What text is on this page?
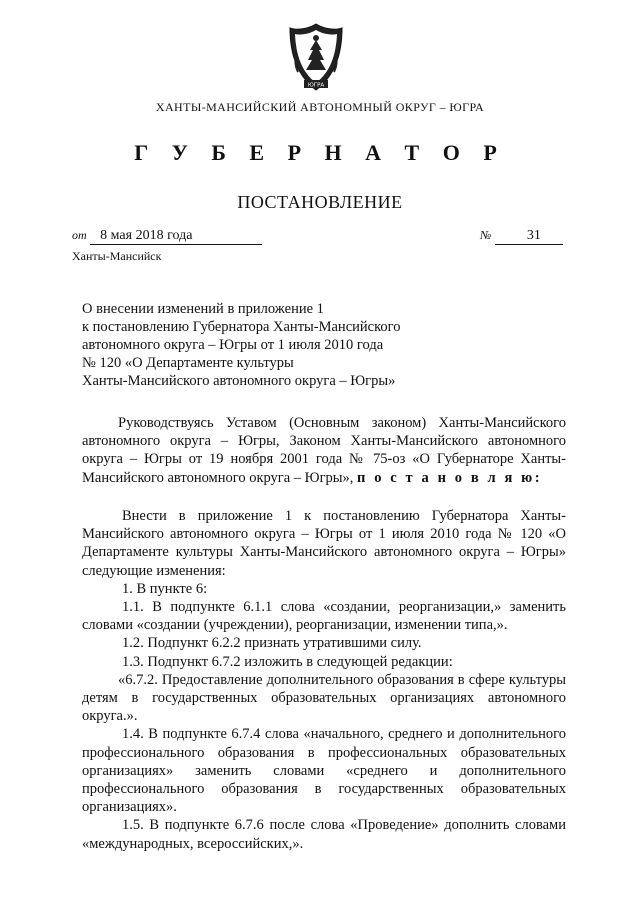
ЮГРА
ХАНТЫ-МАНСИЙСКИЙ АВТОНОМНЫЙ ОКРУГ – ЮГРА
Г У Б Е Р Н А Т О Р
ПОСТАНОВЛЕНИЕ
от 8 мая 2018 года	№	31
Ханты-Мансийск
О внесении изменений в приложение 1
к постановлению Губернатора Ханты-Мансийского
автономного округа – Югры от 1 июля 2010 года
№ 120 «О Департаменте культуры
Ханты-Мансийского автономного округа – Югры»

Руководствуясь Уставом (Основным законом) Ханты-Мансийского автономного округа – Югры, Законом Ханты-Мансийского автономного округа – Югры от 19 ноября 2001 года № 75-оз «О Губернаторе Ханты-Мансийского автономного округа – Югры», п о с т а н о в л я ю:

Внести в приложение 1 к постановлению Губернатора Ханты-Мансийского автономного округа – Югры от 1 июля 2010 года № 120 «О Департаменте культуры Ханты-Мансийского автономного округа – Югры» следующие изменения:

1. В пункте 6:

1.1. В подпункте 6.1.1 слова «создании, реорганизации,» заменить словами «создании (учреждении), реорганизации, изменении типа,».

1.2. Подпункт 6.2.2 признать утратившими силу.

1.3. Подпункт 6.7.2 изложить в следующей редакции:

«6.7.2. Предоставление дополнительного образования в сфере культуры детям в государственных образовательных организациях автономного округа.».

1.4. В подпункте 6.7.4 слова «начального, среднего и дополнительного профессионального образования в профессиональных образовательных организациях» заменить словами «среднего и дополнительного профессионального образования в государственных образовательных организациях».

1.5. В подпункте 6.7.6 после слова «Проведение» дополнить словами «международных, всероссийских,».
